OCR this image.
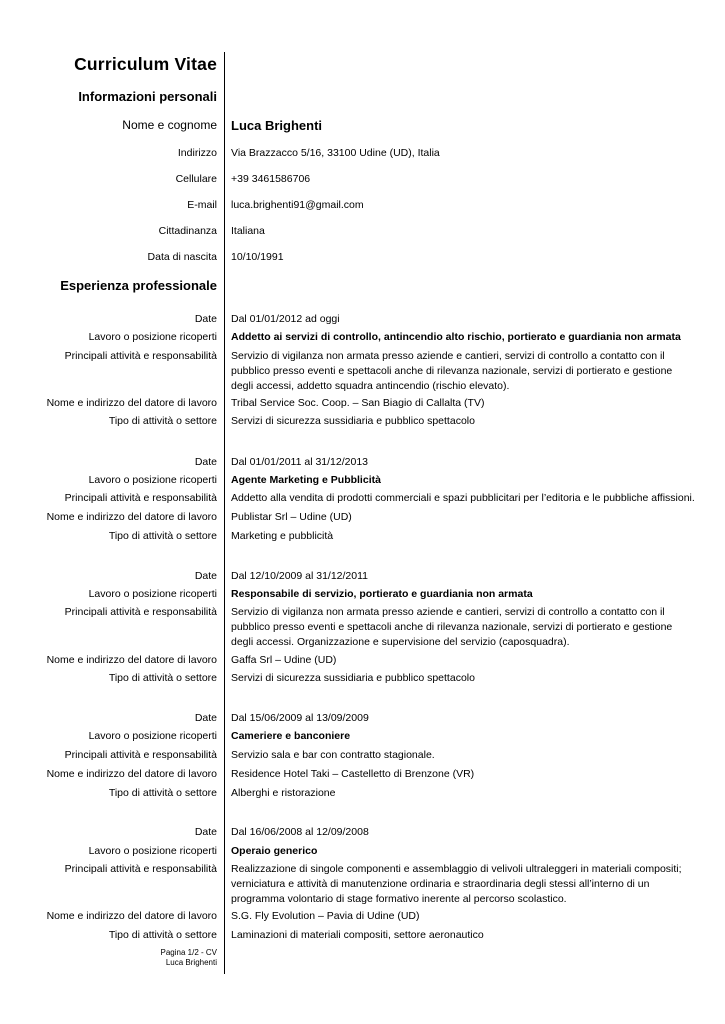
Curriculum Vitae
Informazioni personali
Nome e cognome Luca Brighenti
Indirizzo Via Brazzacco 5/16, 33100 Udine (UD), Italia
Cellulare +39 3461586706
E-mail luca.brighenti91@gmail.com
Cittadinanza Italiana
Data di nascita 10/10/1991
Esperienza professionale
Date Dal 01/01/2012 ad oggi
Lavoro o posizione ricoperti Addetto ai servizi di controllo, antincendio alto rischio, portierato e guardiania non armata
Principali attività e responsabilità Servizio di vigilanza non armata presso aziende e cantieri, servizi di controllo a contatto con il pubblico presso eventi e spettacoli anche di rilevanza nazionale, servizi di portierato e gestione degli accessi, addetto squadra antincendio (rischio elevato).
Nome e indirizzo del datore di lavoro Tribal Service Soc. Coop. – San Biagio di Callalta (TV)
Tipo di attività o settore Servizi di sicurezza sussidiaria e pubblico spettacolo
Date Dal 01/01/2011 al 31/12/2013
Lavoro o posizione ricoperti Agente Marketing e Pubblicità
Principali attività e responsabilità Addetto alla vendita di prodotti commerciali e spazi pubblicitari per l’editoria e le pubbliche affissioni.
Nome e indirizzo del datore di lavoro Publistar Srl – Udine (UD)
Tipo di attività o settore Marketing e pubblicità
Date Dal 12/10/2009 al 31/12/2011
Lavoro o posizione ricoperti Responsabile di servizio, portierato e guardiania non armata
Principali attività e responsabilità Servizio di vigilanza non armata presso aziende e cantieri, servizi di controllo a contatto con il pubblico presso eventi e spettacoli anche di rilevanza nazionale, servizi di portierato e gestione degli accessi. Organizzazione e supervisione del servizio (caposquadra).
Nome e indirizzo del datore di lavoro Gaffa Srl – Udine (UD)
Tipo di attività o settore Servizi di sicurezza sussidiaria e pubblico spettacolo
Date Dal 15/06/2009 al 13/09/2009
Lavoro o posizione ricoperti Cameriere e banconiere
Principali attività e responsabilità Servizio sala e bar con contratto stagionale.
Nome e indirizzo del datore di lavoro Residence Hotel Taki – Castelletto di Brenzone (VR)
Tipo di attività o settore Alberghi e ristorazione
Date Dal 16/06/2008 al 12/09/2008
Lavoro o posizione ricoperti Operaio generico
Principali attività e responsabilità Realizzazione di singole componenti e assemblaggio di velivoli ultraleggeri in materiali compositi; verniciatura e attività di manutenzione ordinaria e straordinaria degli stessi all’interno di un programma volontario di stage formativo inerente al percorso scolastico.
Nome e indirizzo del datore di lavoro S.G. Fly Evolution – Pavia di Udine (UD)
Tipo di attività o settore Laminazioni di materiali compositi, settore aeronautico
Pagina 1/2 - CV
Luca Brighenti
